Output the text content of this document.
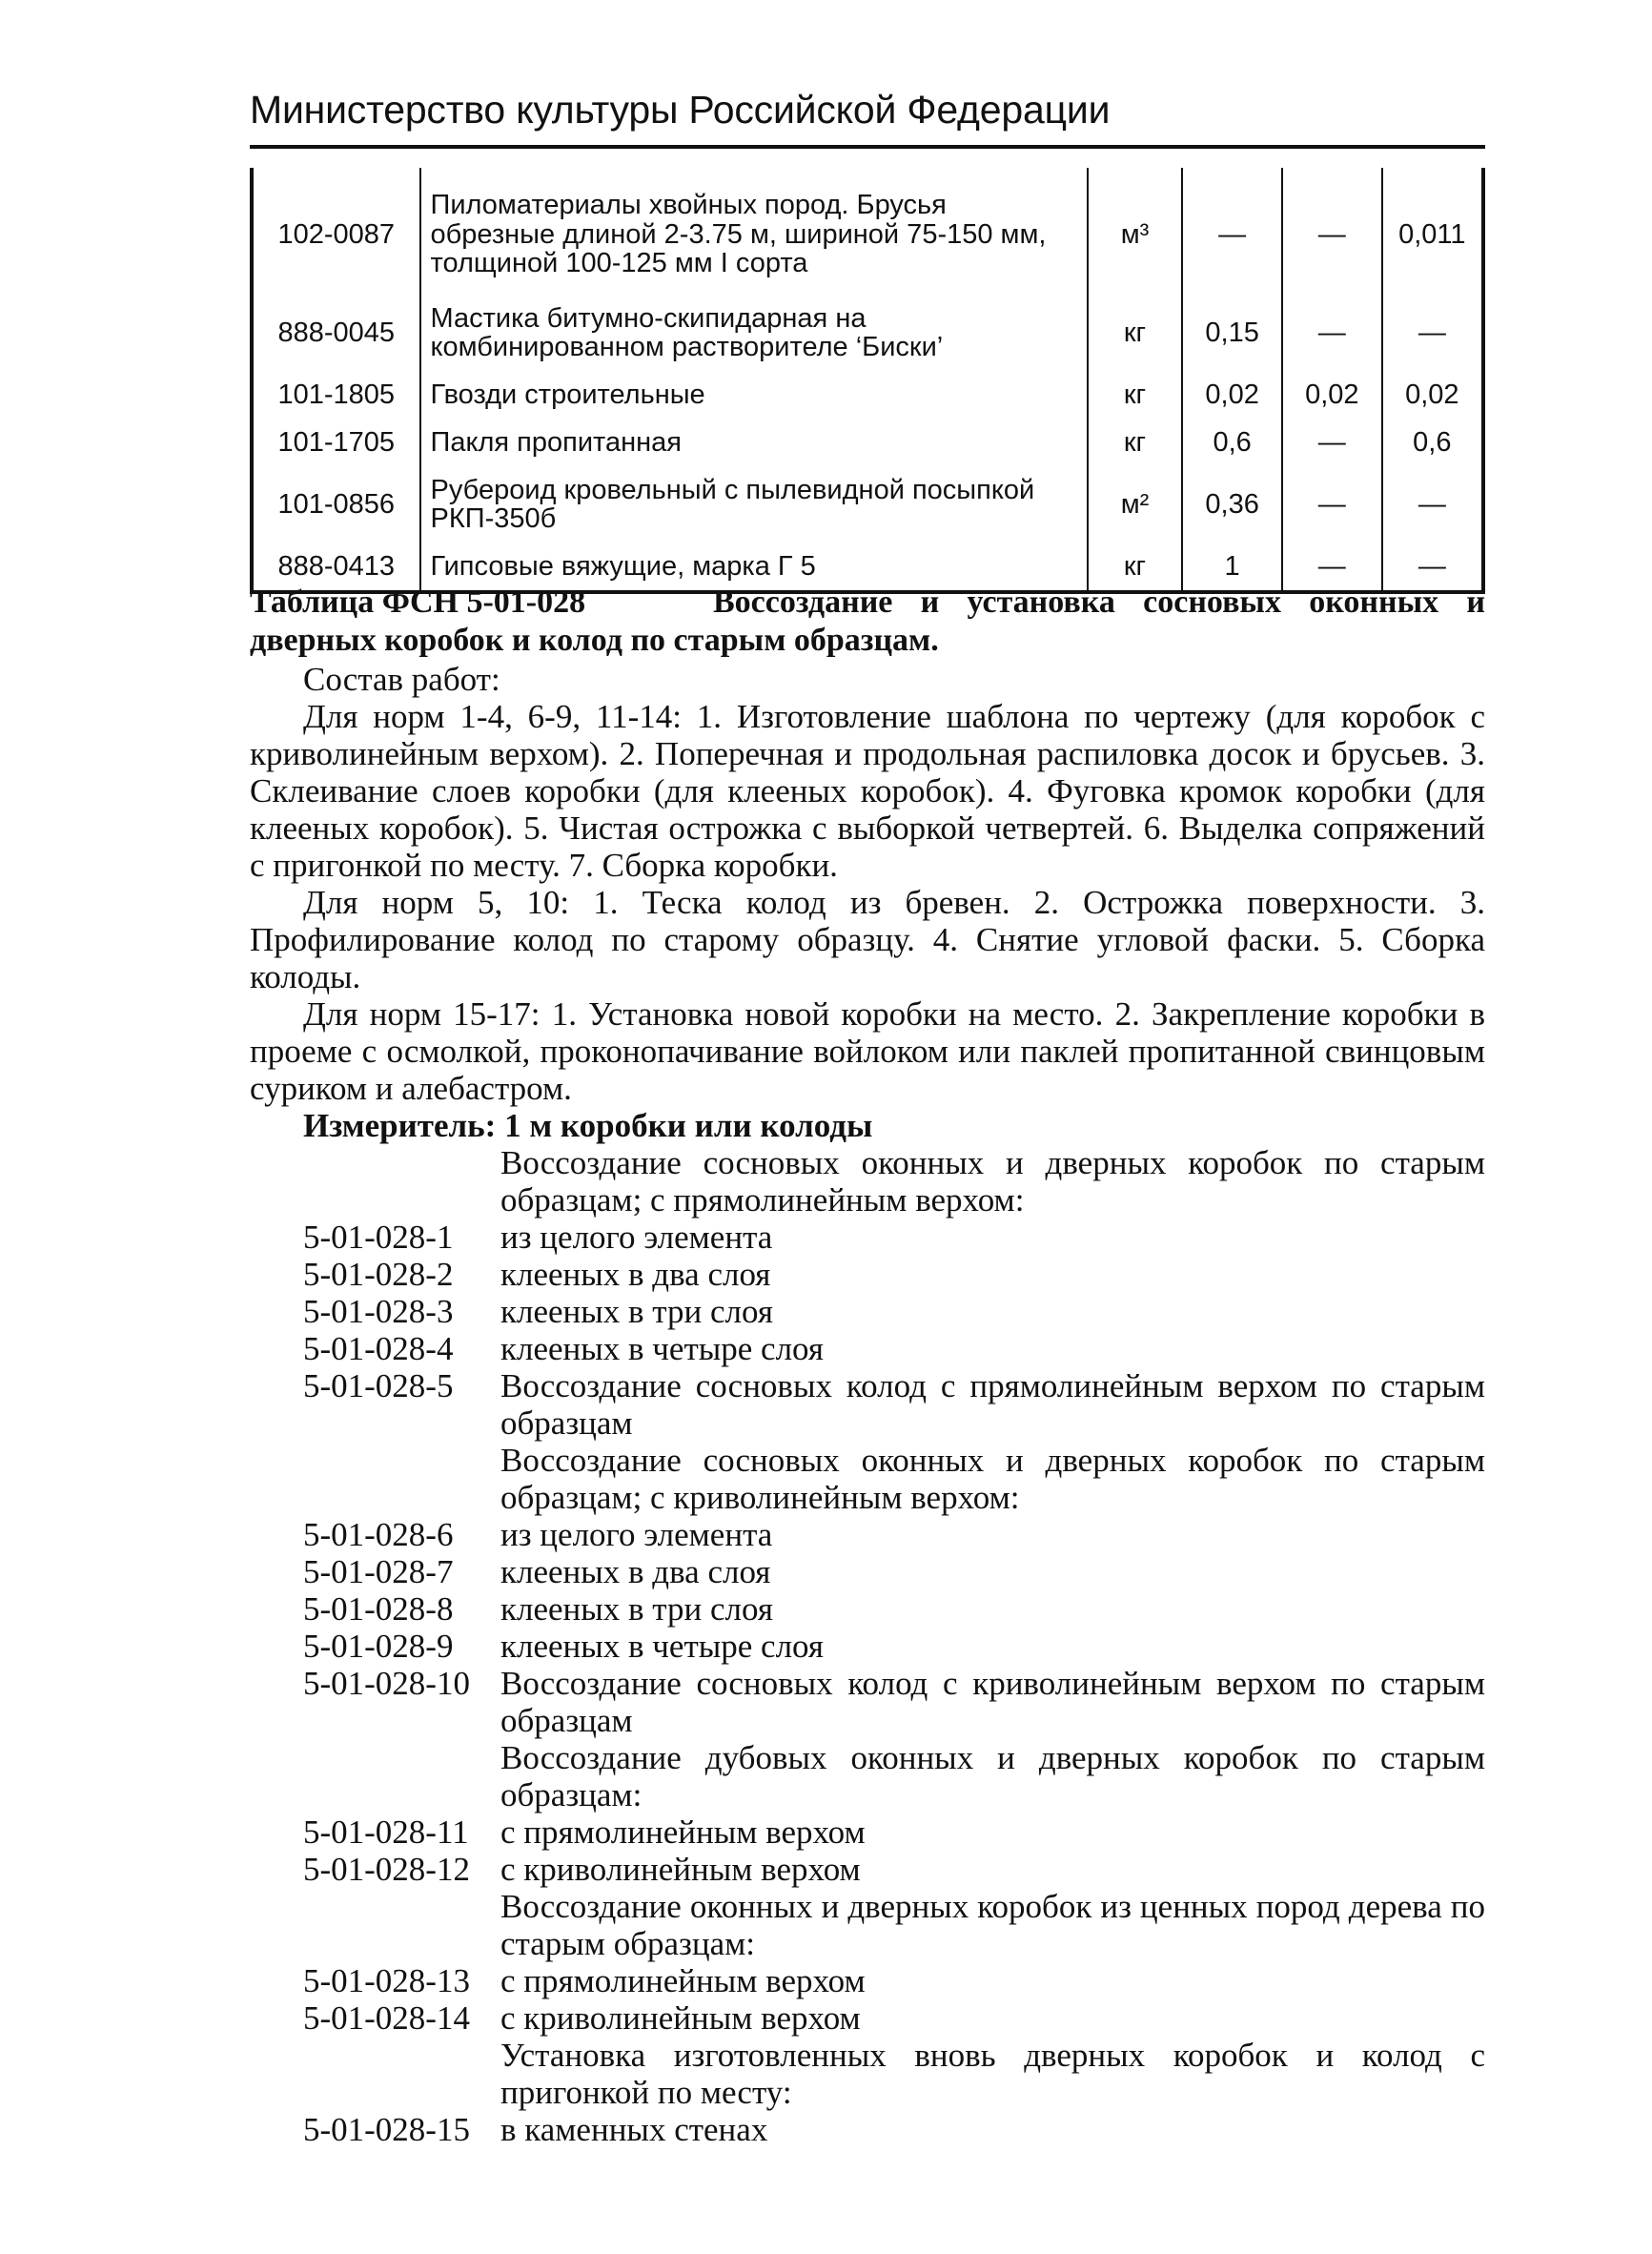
Министерство культуры Российской Федерации
102-0087	Пиломатериалы хвойных пород. Брусья обрезные длиной 2-3.75 м, шириной 75-150 мм, толщиной 100-125 мм I сорта	м³	—	—	0,011
888-0045	Мастика битумно-скипидарная на комбинированном растворителе ‘Биски’	кг	0,15	—	—
101-1805	Гвозди строительные	кг	0,02	0,02	0,02
101-1705	Пакля пропитанная	кг	0,6	—	0,6
101-0856	Рубероид кровельный с пылевидной посыпкой РКП-350б	м²	0,36	—	—
888-0413	Гипсовые вяжущие, марка Г 5	кг	1	—	—
Таблица ФСН 5-01-028	Воссоздание и установка сосновых оконных и дверных коробок и колод по старым образцам.

Состав работ:

Для норм 1-4, 6-9, 11-14: 1. Изготовление шаблона по чертежу (для коробок с криволинейным верхом). 2. Поперечная и продольная распиловка досок и брусьев. 3. Склеивание слоев коробки (для клееных коробок). 4. Фуговка кромок коробки (для клееных коробок). 5. Чистая острожка с выборкой четвертей. 6. Выделка сопряжений с пригонкой по месту. 7. Сборка коробки.

Для норм 5, 10: 1. Теска колод из бревен. 2. Острожка поверхности. 3. Профилирование колод по старому образцу. 4. Снятие угловой фаски. 5. Сборка колоды.

Для норм 15-17: 1. Установка новой коробки на место. 2. Закрепление коробки в проеме с осмолкой, проконопачивание войлоком или паклей пропитанной свинцовым суриком и алебастром.

Измеритель: 1 м коробки или колоды

Воссоздание сосновых оконных и дверных коробок по старым образцам; с прямолинейным верхом:
5-01-028-1	из целого элемента
5-01-028-2	клееных в два слоя
5-01-028-3	клееных в три слоя
5-01-028-4	клееных в четыре слоя
5-01-028-5	Воссоздание сосновых колод с прямолинейным верхом по старым образцам
Воссоздание сосновых оконных и дверных коробок по старым образцам; с криволинейным верхом:
5-01-028-6	из целого элемента
5-01-028-7	клееных в два слоя
5-01-028-8	клееных в три слоя
5-01-028-9	клееных в четыре слоя
5-01-028-10 Воссоздание сосновых колод с криволинейным верхом по старым образцам
Воссоздание дубовых оконных и дверных коробок по старым образцам:
5-01-028-11 с прямолинейным верхом
5-01-028-12 с криволинейным верхом
Воссоздание оконных и дверных коробок из ценных пород дерева по старым образцам:
5-01-028-13 с прямолинейным верхом
5-01-028-14 с криволинейным верхом
Установка изготовленных вновь дверных коробок и колод с пригонкой по месту:
5-01-028-15 в каменных стенах
